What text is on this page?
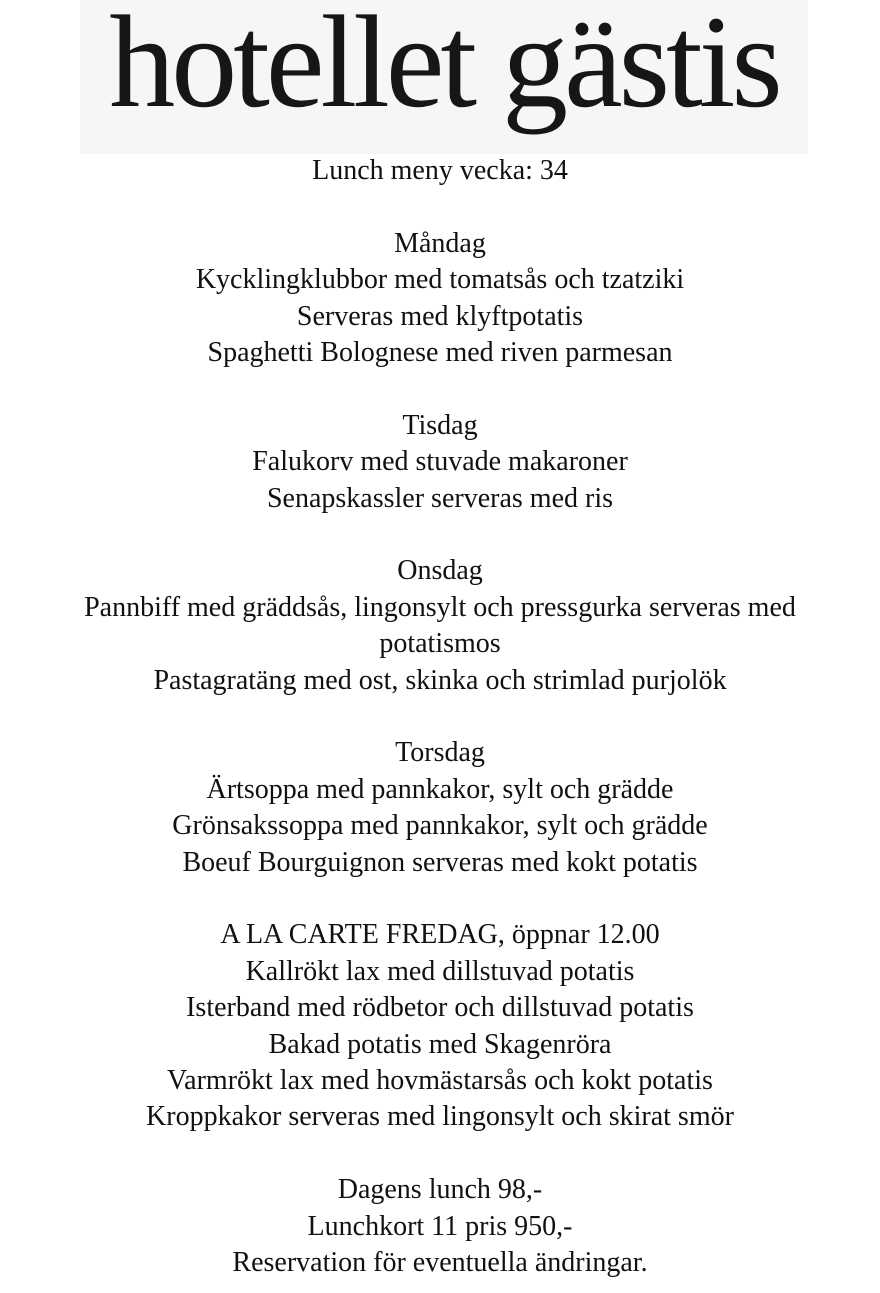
hotellet gästis

Lunch meny vecka: 34

Måndag

Kycklingklubbor med tomatsås och tzatziki

Serveras med klyftpotatis

Spaghetti Bolognese med riven parmesan

Tisdag

Falukorv med stuvade makaroner

Senapskassler serveras med ris

Onsdag

Pannbiff med gräddsås, lingonsylt och pressgurka serveras med potatismos

Pastagratäng med ost, skinka och strimlad purjolök

Torsdag

Ärtsoppa med pannkakor, sylt och grädde

Grönsakssoppa med pannkakor, sylt och grädde

Boeuf Bourguignon serveras med kokt potatis

A LA CARTE FREDAG, öppnar 12.00

Kallrökt lax med dillstuvad potatis

Isterband med rödbetor och dillstuvad potatis

Bakad potatis med Skagenröra

Varmrökt lax med hovmästarsås och kokt potatis

Kroppkakor serveras med lingonsylt och skirat smör

Dagens lunch 98,-

Lunchkort 11 pris 950,-

Reservation för eventuella ändringar.
